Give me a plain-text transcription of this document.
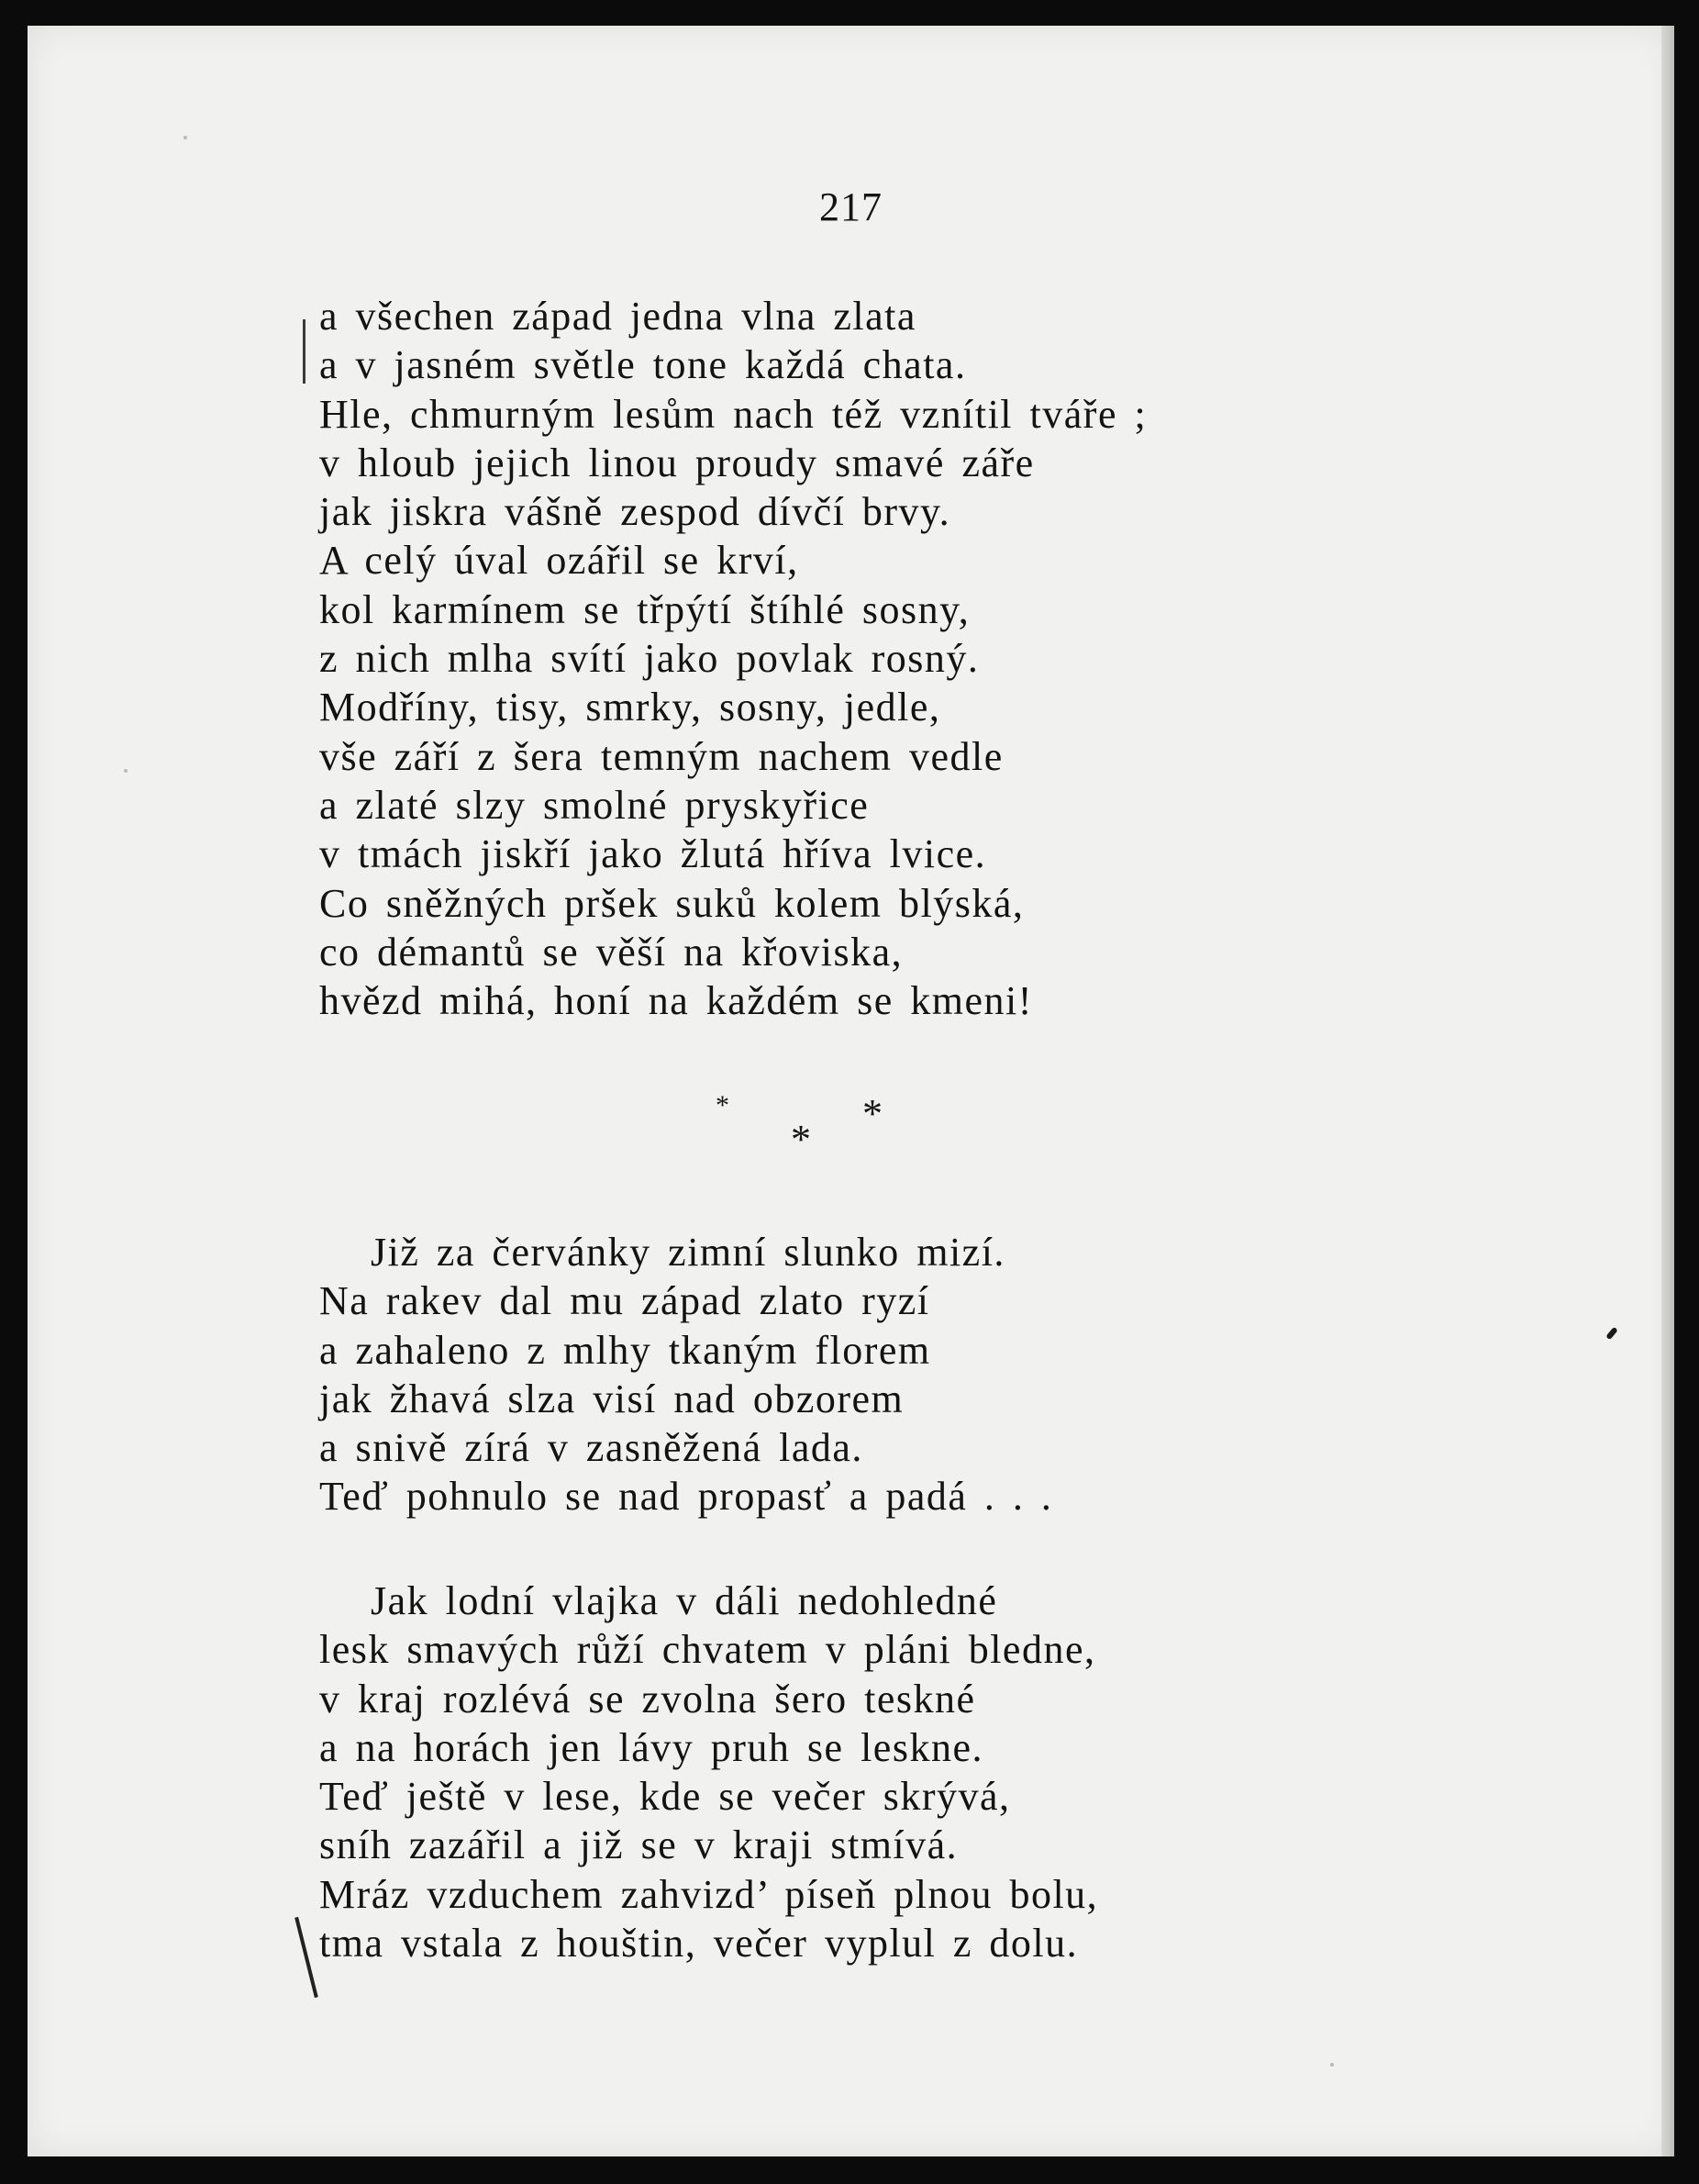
217
a všechen západ jedna vlna zlata
a v jasném světle tone každá chata.
Hle, chmurným lesům nach též vznítil tváře ;
v hloub jejich linou proudy smavé záře
jak jiskra vášně zespod dívčí brvy.
A celý úval ozářil se krví,
kol karmínem se třpýtí štíhlé sosny,
z nich mlha svítí jako povlak rosný.
Modříny, tisy, smrky, sosny, jedle,
vše září z šera temným nachem vedle
a zlaté slzy smolné pryskyřice
v tmách jiskří jako žlutá hříva lvice.
Co sněžných pršek suků kolem blýská,
co démantů se věší na křoviska,
hvězd mihá, honí na každém se kmeni!
*
*
*
Již za červánky zimní slunko mizí.
Na rakev dal mu západ zlato ryzí
a zahaleno z mlhy tkaným florem
jak žhavá slza visí nad obzorem
a snivě zírá v zasněžená lada.
Teď pohnulo se nad propasť a padá . . .
Jak lodní vlajka v dáli nedohledné
lesk smavých růží chvatem v pláni bledne,
v kraj rozlévá se zvolna šero teskné
a na horách jen lávy pruh se leskne.
Teď ještě v lese, kde se večer skrývá,
sníh zazářil a již se v kraji stmívá.
Mráz vzduchem zahvizd’ píseň plnou bolu,
tma vstala z houštin, večer vyplul z dolu.
